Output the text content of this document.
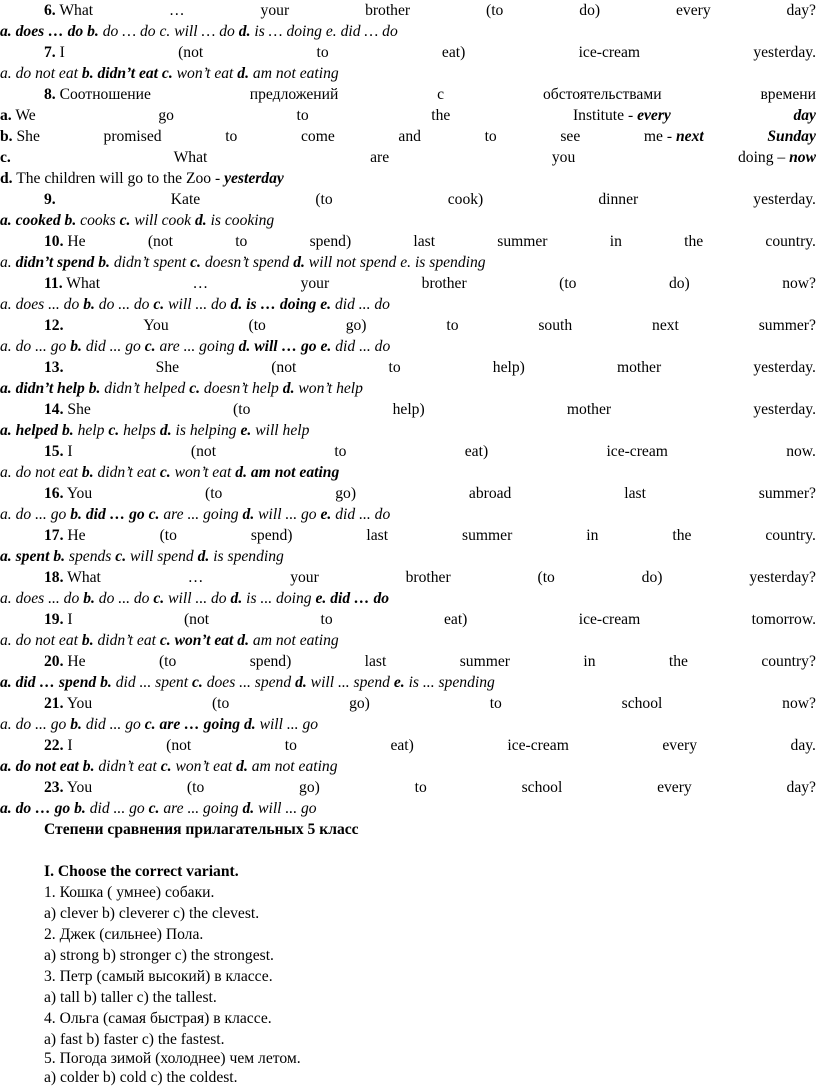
6. What	…	your	brother	(to	do)	every	day?
a. does … do b. do … do c. will … do d. is … doing e. did … do
7. I	(not	to	eat)	ice-cream	yesterday.
a. do not eat b. didn’t eat c. won’t eat d. am not eating
8. Соотношение	предложений	с	обстоятельствами	времени
a. We	go	to	the	Institute - every	day
b. She	promised	to	come	and	to	see	me - next	Sunday
c.	What	are	you	doing – now
d. The children will go to the Zoo - yesterday
9.	Kate	(to	cook)	dinner	yesterday.
a. cooked b. cooks c. will cook d. is cooking
10. He	(not	to	spend)	last	summer	in	the	country.
a. didn’t spend b. didn’t spent c. doesn’t spend d. will not spend e. is spending
11. What	…	your	brother	(to	do)	now?
a. does ... do b. do ... do c. will ... do d. is … doing e. did ... do
12.	You	(to	go)	to	south	next	summer?
a. do ... go b. did ... go c. are ... going d. will … go e. did ... do
13.	She	(not	to	help)	mother	yesterday.
a. didn’t help b. didn’t helped c. doesn’t help d. won’t help
14. She	(to	help)	mother	yesterday.
a. helped b. help c. helps d. is helping e. will help
15. I	(not	to	eat)	ice-cream	now.
a. do not eat b. didn’t eat c. won’t eat d. am not eating
16. You	(to	go)	abroad	last	summer?
a. do ... go b. did … go c. are ... going d. will ... go e. did ... do
17. He	(to	spend)	last	summer	in	the	country.
a. spent b. spends c. will spend d. is spending
18. What	…	your	brother	(to	do)	yesterday?
a. does ... do b. do ... do c. will ... do d. is ... doing e. did … do
19. I	(not	to	eat)	ice-cream	tomorrow.
a. do not eat b. didn’t eat c. won’t eat d. am not eating
20. He	(to	spend)	last	summer	in	the	country?
a. did … spend b. did ... spent c. does ... spend d. will ... spend e. is ... spending
21. You	(to	go)	to	school	now?
a. do ... go b. did ... go c. are … going d. will ... go
22. I	(not	to	eat)	ice-cream	every	day.
a. do not eat b. didn’t eat c. won’t eat d. am not eating
23. You	(to	go)	to	school	every	day?
a. do … go b. did ... go c. are ... going d. will ... go
Степени сравнения прилагательных 5 класс
I. Choose the correct variant.
1. Кошка ( умнее) собаки.
a) clever b) cleverer c) the clevest.
2. Джек (сильнее) Пола.
a) strong b) stronger c) the strongest.
3. Петр (самый высокий) в классе.
a) tall b) taller c) the tallest.
4. Ольга (самая быстрая) в классе.
a) fast b) faster c) the fastest.
5. Погода зимой (холоднее) чем летом.
a) colder b) cold c) the coldest.
